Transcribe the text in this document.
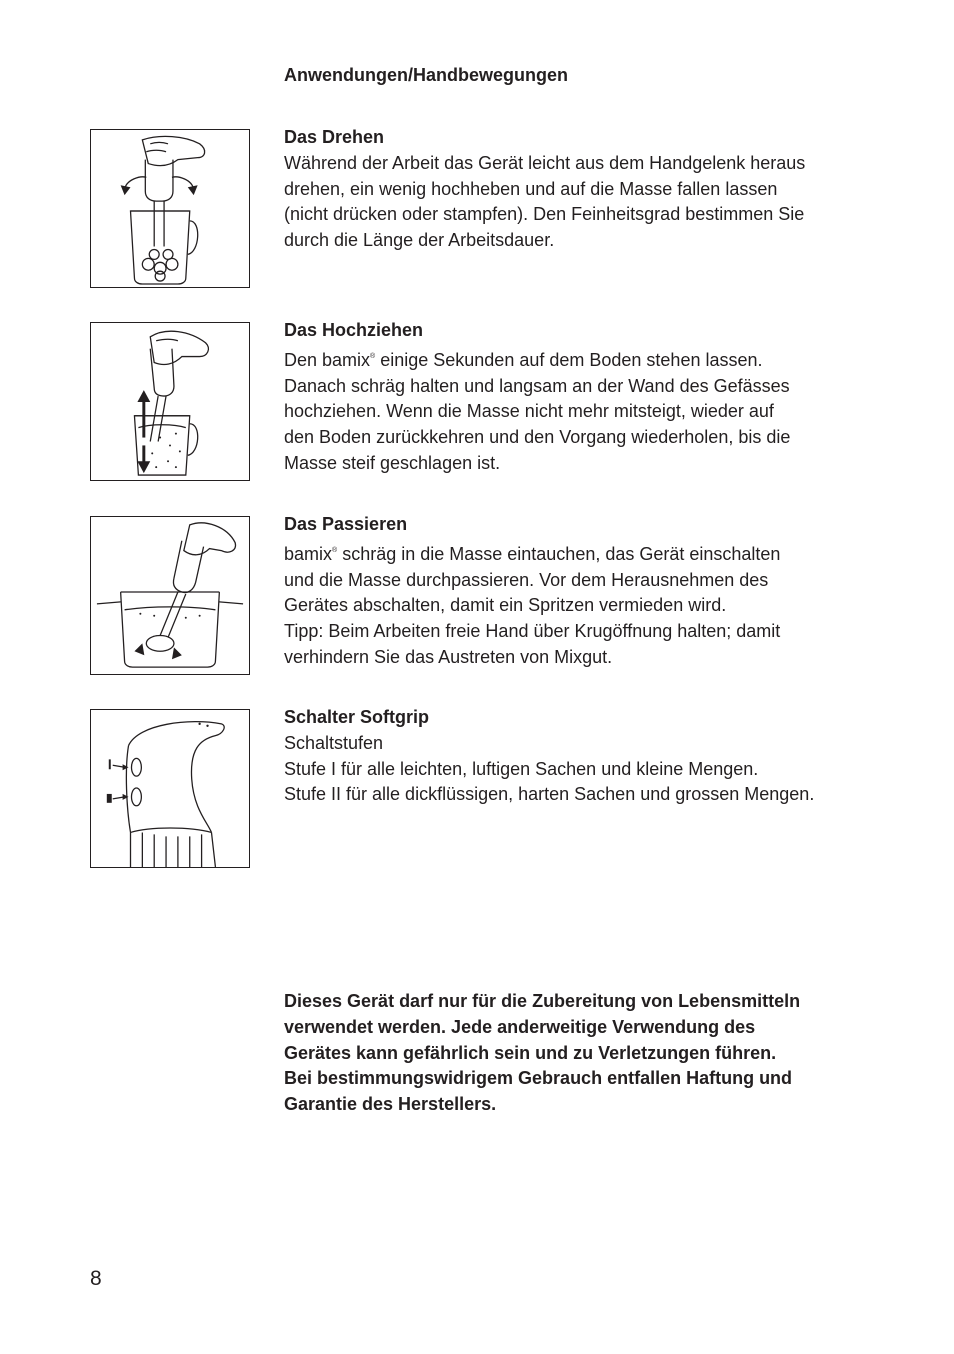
Anwendungen/Handbewegungen
Das Drehen
Während der Arbeit das Gerät leicht aus dem Handgelenk heraus
drehen, ein wenig hochheben und auf die Masse fallen lassen
(nicht drücken oder stampfen). Den Feinheitsgrad bestimmen Sie
durch die Länge der Arbeitsdauer.
Das Hochziehen
Den bamix® einige Sekunden auf dem Boden stehen lassen.
Danach schräg halten und langsam an der Wand des Gefässes
hochziehen. Wenn die Masse nicht mehr mitsteigt, wieder auf
den Boden zurückkehren und den Vorgang wiederholen, bis die
Masse steif geschlagen ist.
Das Passieren
bamix® schräg in die Masse eintauchen, das Gerät einschalten
und die Masse durchpassieren. Vor dem Herausnehmen des
Gerätes abschalten, damit ein Spritzen vermieden wird.
Tipp: Beim Arbeiten freie Hand über Krugöffnung halten; damit
verhindern Sie das Austreten von Mixgut.
Schalter Softgrip
Schaltstufen
Stufe I für alle leichten, luftigen Sachen und kleine Mengen.
Stufe II für alle dickflüssigen, harten Sachen und grossen Mengen.
Dieses Gerät darf nur für die Zubereitung von Lebensmitteln
verwendet werden. Jede anderweitige Verwendung des
Gerätes kann gefährlich sein und zu Verletzungen führen.
Bei bestimmungswidrigem Gebrauch entfallen Haftung und
Garantie des Herstellers.
8
